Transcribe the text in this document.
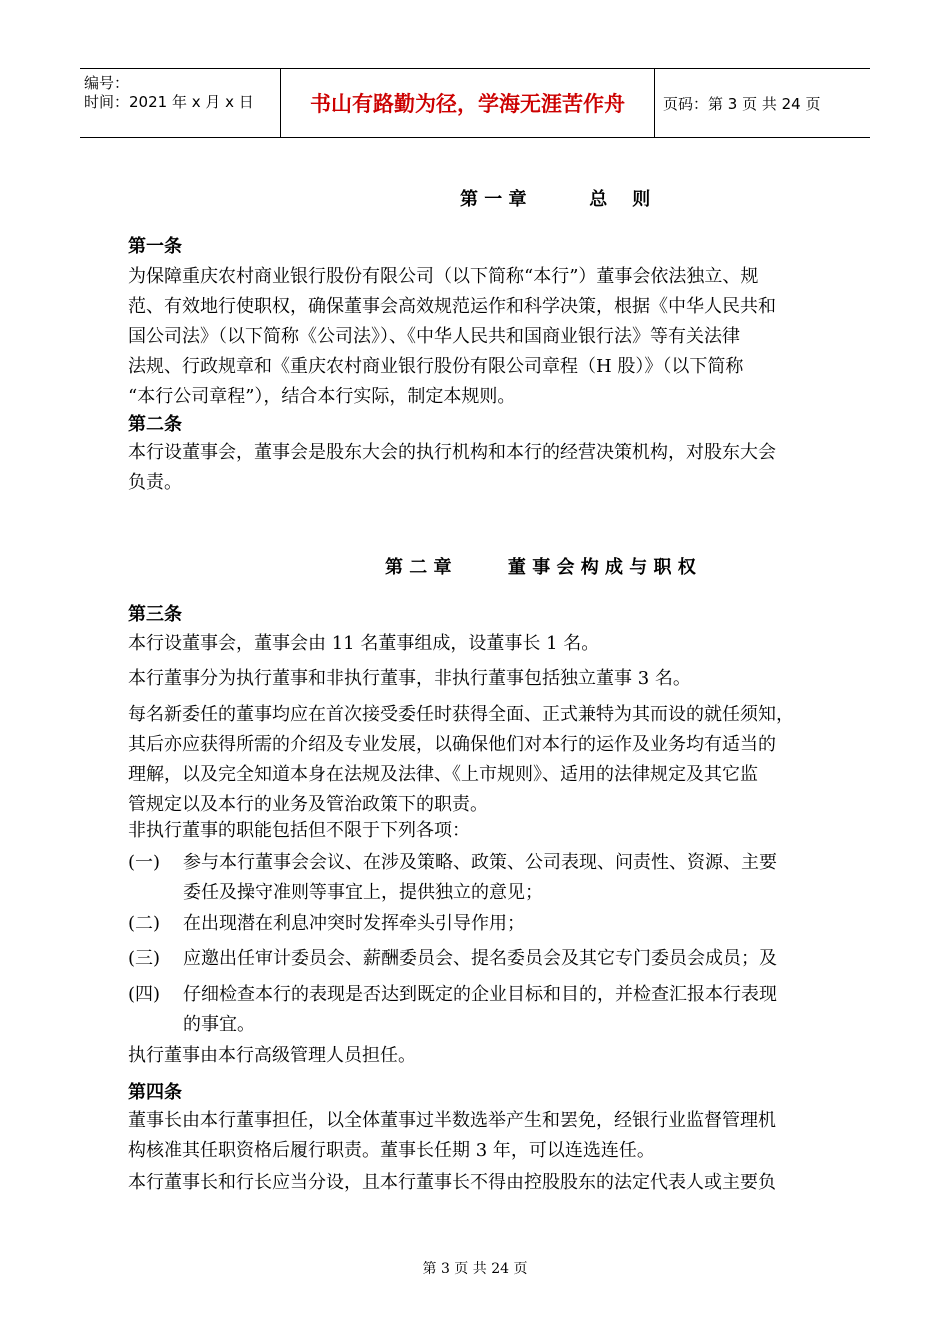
编号：
时间：2021 年 x 月 x 日	书山有路勤为径，学海无涯苦作舟	页码：第 3 页 共 24 页
第 一 章          总    则
第一条
为保障重庆农村商业银行股份有限公司（以下简称“本行”）董事会依法独立、规
范、有效地行使职权，确保董事会高效规范运作和科学决策，根据《中华人民共和
国公司法》（以下简称《公司法》）、《中华人民共和国商业银行法》等有关法律
法规、行政规章和《重庆农村商业银行股份有限公司章程（H 股）》（以下简称
“本行公司章程”），结合本行实际，制定本规则。
第二条
本行设董事会，董事会是股东大会的执行机构和本行的经营决策机构，对股东大会
负责。
第 二 章         董 事 会 构 成 与 职 权
第三条
本行设董事会，董事会由 11 名董事组成，设董事长 1 名。
本行董事分为执行董事和非执行董事，非执行董事包括独立董事 3 名。
每名新委任的董事均应在首次接受委任时获得全面、正式兼特为其而设的就任须知，
其后亦应获得所需的介绍及专业发展，以确保他们对本行的运作及业务均有适当的
理解，以及完全知道本身在法规及法律、《上市规则》、适用的法律规定及其它监
管规定以及本行的业务及管治政策下的职责。
非执行董事的职能包括但不限于下列各项：
(一) 参与本行董事会会议、在涉及策略、政策、公司表现、问责性、资源、主要
委任及操守准则等事宜上，提供独立的意见；
(二) 在出现潜在利息冲突时发挥牵头引导作用；
(三) 应邀出任审计委员会、薪酬委员会、提名委员会及其它专门委员会成员；及
(四) 仔细检查本行的表现是否达到既定的企业目标和目的，并检查汇报本行表现
的事宜。
执行董事由本行高级管理人员担任。
第四条
董事长由本行董事担任，以全体董事过半数选举产生和罢免，经银行业监督管理机
构核准其任职资格后履行职责。董事长任期 3 年，可以连选连任。
本行董事长和行长应当分设，且本行董事长不得由控股股东的法定代表人或主要负
第 3 页 共 24 页
